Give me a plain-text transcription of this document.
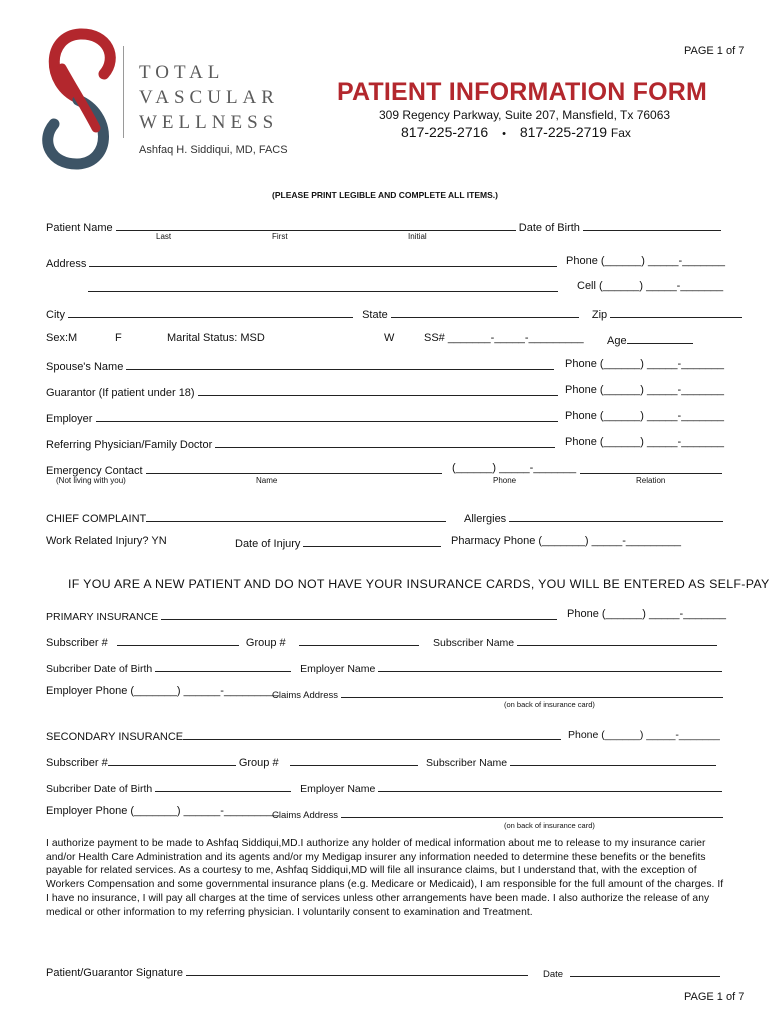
PAGE 1 of 7
TOTAL
VASCULAR
WELLNESS
Ashfaq H. Siddiqui, MD, FACS
PATIENT INFORMATION FORM
309 Regency Parkway, Suite 207, Mansfield, Tx 76063
817-225-2716 • 817-225-2719 Fax
(PLEASE PRINT LEGIBLE AND COMPLETE ALL ITEMS.)
Patient Name	Date of Birth
Last	First	Initial
Address	Phone (______) _____-_______
Cell (______) _____-_______
City	State	Zip
Sex:M	F	Marital Status: MSD	W	SS# _______-_____-_________ Age
Spouse's Name	Phone (______) _____-_______
Guarantor (If patient under 18)	Phone (______) _____-_______
Employer	Phone (______) _____-_______
Referring Physician/Family Doctor	Phone (______) _____-_______
Emergency Contact	(______) _____-_______
(Not living with you)	Name	Phone	Relation
CHIEF COMPLAINT	Allergies
Work Related Injury? YN	Date of Injury	Pharmacy Phone (_______) _____-_________
IF YOU ARE A NEW PATIENT AND DO NOT HAVE YOUR INSURANCE CARDS, YOU WILL BE ENTERED AS SELF-PAY
PRIMARY INSURANCE	Phone (______) _____-_______
Subscriber #	Group #	Subscriber Name
Subcriber Date of Birth	Employer Name
Employer Phone (_______) ______-_________
Claims Address
(on back of insurance card)
SECONDARY INSURANCE	Phone (______) _____-_______
Subscriber #	Group #	Subscriber Name
Subcriber Date of Birth	Employer Name
Employer Phone (_______) ______-_________
Claims Address
(on back of insurance card)
I authorize payment to be made to Ashfaq Siddiqui,MD.I authorize any holder of medical information about me to release to my insurance carier and/or Health Care Administration and its agents and/or my Medigap insurer any information needed to determine these benefits or the benefits payable for related services. As a courtesy to me, Ashfaq Siddiqui,MD will file all insurance claims, but I understand that, with the exception of Workers Compensation and some governmental insurance plans (e.g. Medicare or Medicaid), I am responsible for the full amount of the charges. If I have no insurance, I will pay all charges at the time of services unless other arrangements have been made. I also authorize the release of any medical or other information to my referring physician. I voluntarily consent to examination and Treatment.
Patient/Guarantor Signature	Date
PAGE 1 of 7
